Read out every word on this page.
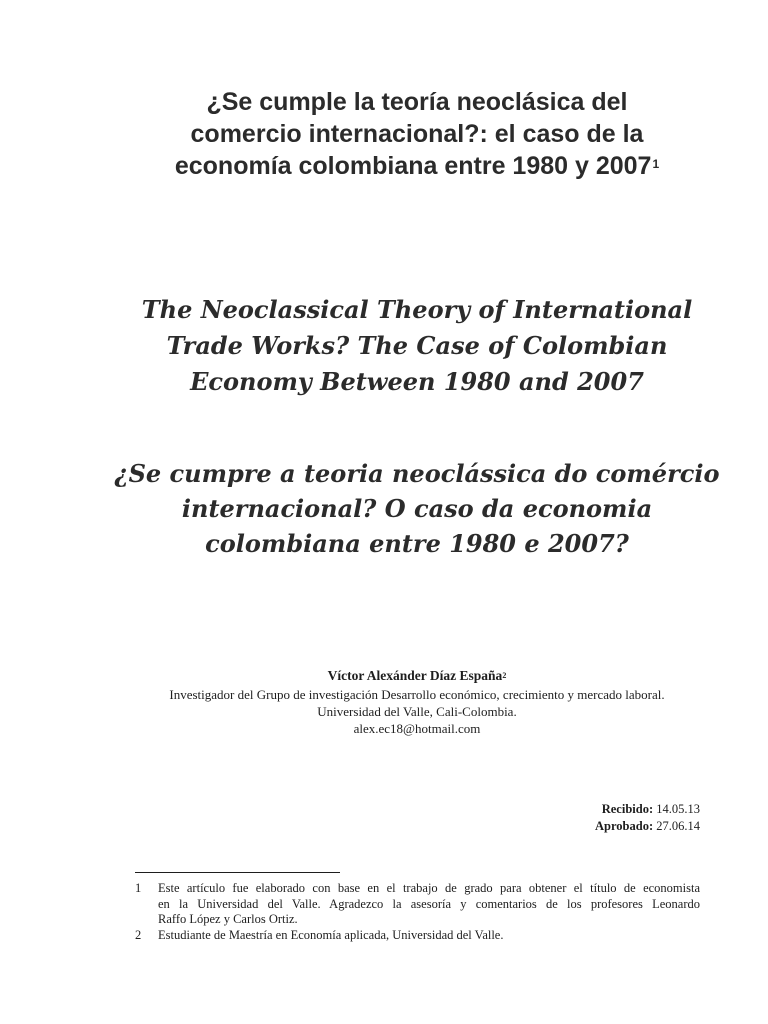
¿Se cumple la teoría neoclásica del
comercio internacional?: el caso de la
economía colombiana entre 1980 y 2007$^1$
The Neoclassical Theory of International
Trade Works? The Case of Colombian
Economy Between 1980 and 2007
¿Se cumpre a teoria neoclássica do comércio
internacional? O caso da economia
colombiana entre 1980 e 2007?
Víctor Alexánder Díaz España$^2$
Investigador del Grupo de investigación Desarrollo económico, crecimiento y mercado laboral.
Universidad del Valle, Cali-Colombia.
alex.ec18@hotmail.com
Recibido: 14.05.13
Aprobado: 27.06.14
1	Este artículo fue elaborado con base en el trabajo de grado para obtener el título de economista
en la Universidad del Valle. Agradezco la asesoría y comentarios de los profesores Leonardo
Raffo López y Carlos Ortiz.
2	Estudiante de Maestría en Economía aplicada, Universidad del Valle.
